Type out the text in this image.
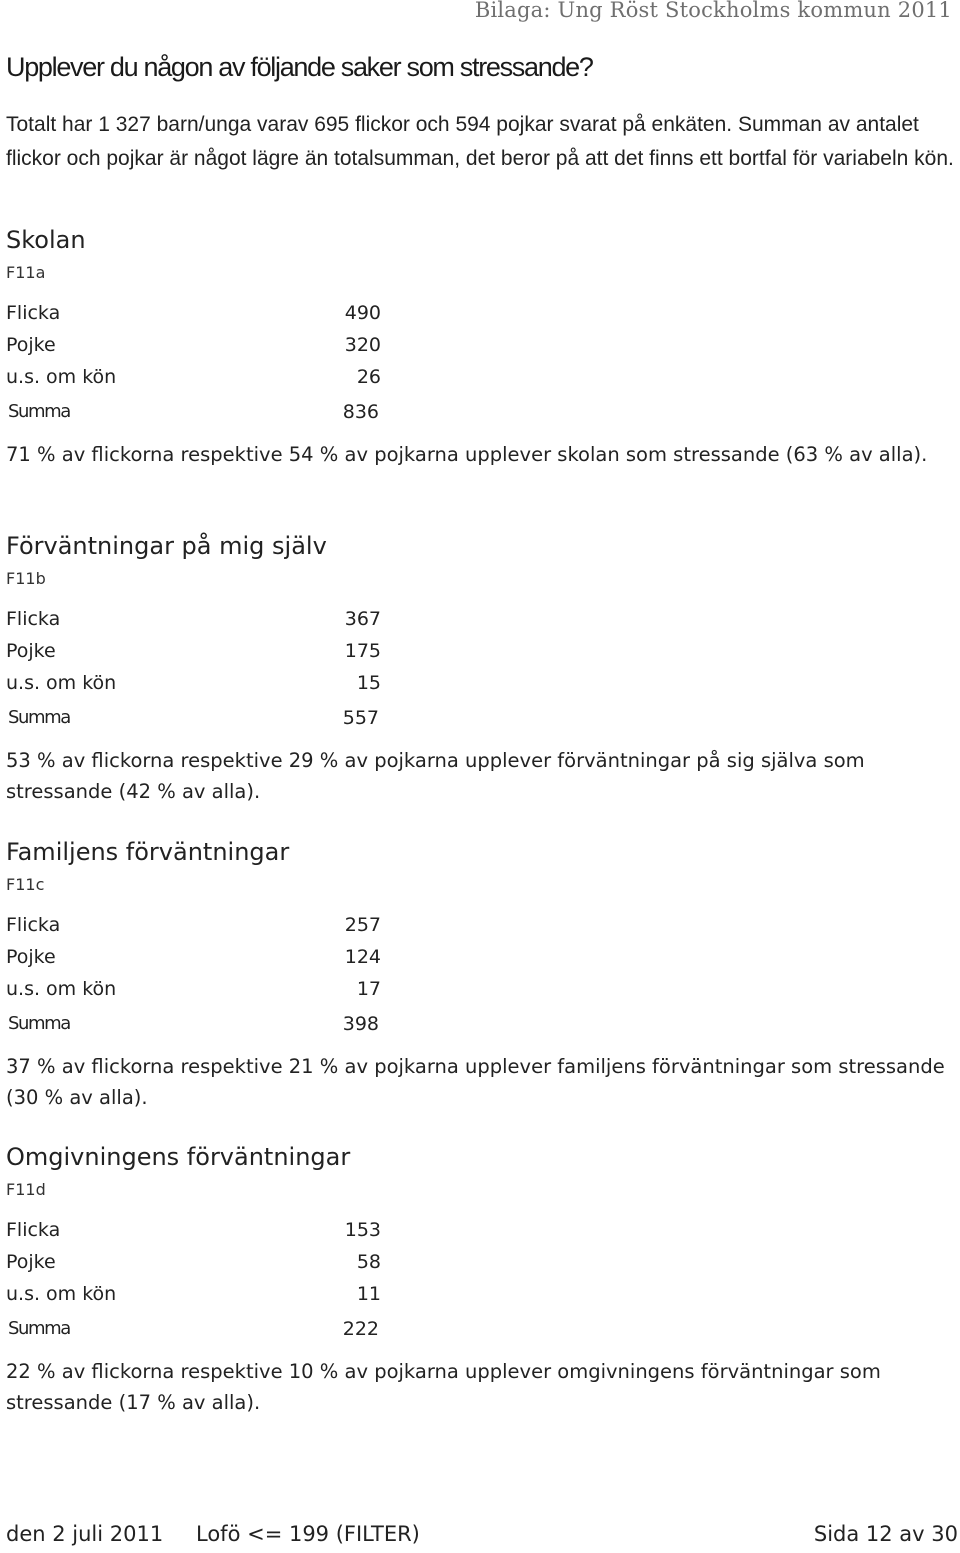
Bilaga: Ung Röst Stockholms kommun 2011
Upplever du någon av följande saker som stressande?
Totalt har 1 327 barn/unga varav 695 flickor och 594 pojkar svarat på enkäten. Summan av antalet flickor och pojkar är något lägre än totalsumman, det beror på att det finns ett bortfal för variabeln kön.
Skolan
F11a
Flicka	490
Pojke	320
u.s. om kön	26
Summa	836
71 % av flickorna respektive 54 % av pojkarna upplever skolan som stressande (63 % av alla).
Förväntningar på mig själv
F11b
Flicka	367
Pojke	175
u.s. om kön	15
Summa	557
53 % av flickorna respektive 29 % av pojkarna upplever förväntningar på sig själva som stressande (42 % av alla).
Familjens förväntningar
F11c
Flicka	257
Pojke	124
u.s. om kön	17
Summa	398
37 % av flickorna respektive 21 % av pojkarna upplever familjens förväntningar som stressande (30 % av alla).
Omgivningens förväntningar
F11d
Flicka	153
Pojke	58
u.s. om kön	11
Summa	222
22 % av flickorna respektive 10 % av pojkarna upplever omgivningens förväntningar som stressande (17 % av alla).
den 2 juli 2011 Lofö <= 199 (FILTER)	Sida 12 av 30
